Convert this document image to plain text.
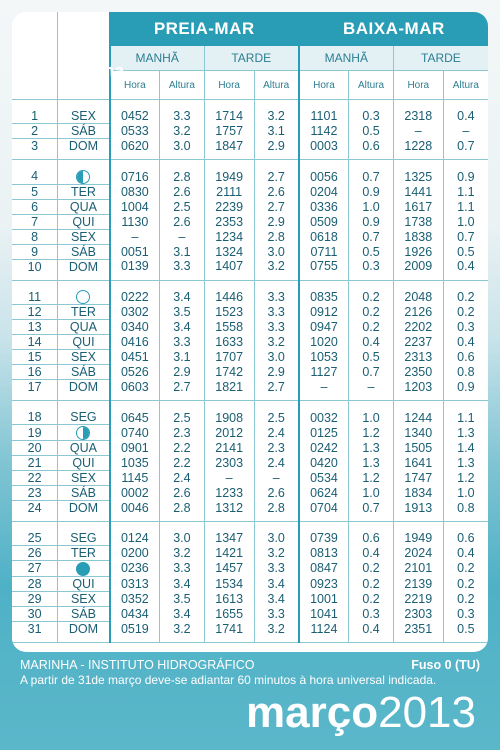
Dia do mês	Dia da semana	PREIA-MAR				BAIXA-MAR			
		MANHÃ		TARDE		MANHÃ		TARDE	
		Hora	Altura	Hora	Altura	Hora	Altura	Hora	Altura
1	SEX	0452	3.3	1714	3.2	1101	0.3	2318	0.4
2	SÁB	0533	3.2	1757	3.1	1142	0.5	–	–
3	DOM	0620	3.0	1847	2.9	0003	0.6	1228	0.7
4		0716	2.8	1949	2.7	0056	0.7	1325	0.9
5	TER	0830	2.6	2111	2.6	0204	0.9	1441	1.1
6	QUA	1004	2.5	2239	2.7	0336	1.0	1617	1.1
7	QUI	1130	2.6	2353	2.9	0509	0.9	1738	1.0
8	SEX	–	–	1234	2.8	0618	0.7	1838	0.7
9	SÁB	0051	3.1	1324	3.0	0711	0.5	1926	0.5
10	DOM	0139	3.3	1407	3.2	0755	0.3	2009	0.4
11		0222	3.4	1446	3.3	0835	0.2	2048	0.2
12	TER	0302	3.5	1523	3.3	0912	0.2	2126	0.2
13	QUA	0340	3.4	1558	3.3	0947	0.2	2202	0.3
14	QUI	0416	3.3	1633	3.2	1020	0.4	2237	0.4
15	SEX	0451	3.1	1707	3.0	1053	0.5	2313	0.6
16	SÁB	0526	2.9	1742	2.9	1127	0.7	2350	0.8
17	DOM	0603	2.7	1821	2.7	–	–	1203	0.9
18	SEG	0645	2.5	1908	2.5	0032	1.0	1244	1.1
19		0740	2.3	2012	2.4	0125	1.2	1340	1.3
20	QUA	0901	2.2	2141	2.3	0242	1.3	1505	1.4
21	QUI	1035	2.2	2303	2.4	0420	1.3	1641	1.3
22	SEX	1145	2.4	–	–	0534	1.2	1747	1.2
23	SÁB	0002	2.6	1233	2.6	0624	1.0	1834	1.0
24	DOM	0046	2.8	1312	2.8	0704	0.7	1913	0.8
25	SEG	0124	3.0	1347	3.0	0739	0.6	1949	0.6
26	TER	0200	3.2	1421	3.2	0813	0.4	2024	0.4
27		0236	3.3	1457	3.3	0847	0.2	2101	0.2
28	QUI	0313	3.4	1534	3.4	0923	0.2	2139	0.2
29	SEX	0352	3.5	1613	3.4	1001	0.2	2219	0.2
30	SÁB	0434	3.4	1655	3.3	1041	0.3	2303	0.3
31	DOM	0519	3.2	1741	3.2	1124	0.4	2351	0.5
MARINHA - INSTITUTO HIDROGRÁFICO	Fuso 0 (TU)
A partir de 31de março deve-se adiantar 60 minutos à hora universal indicada.
março2013
